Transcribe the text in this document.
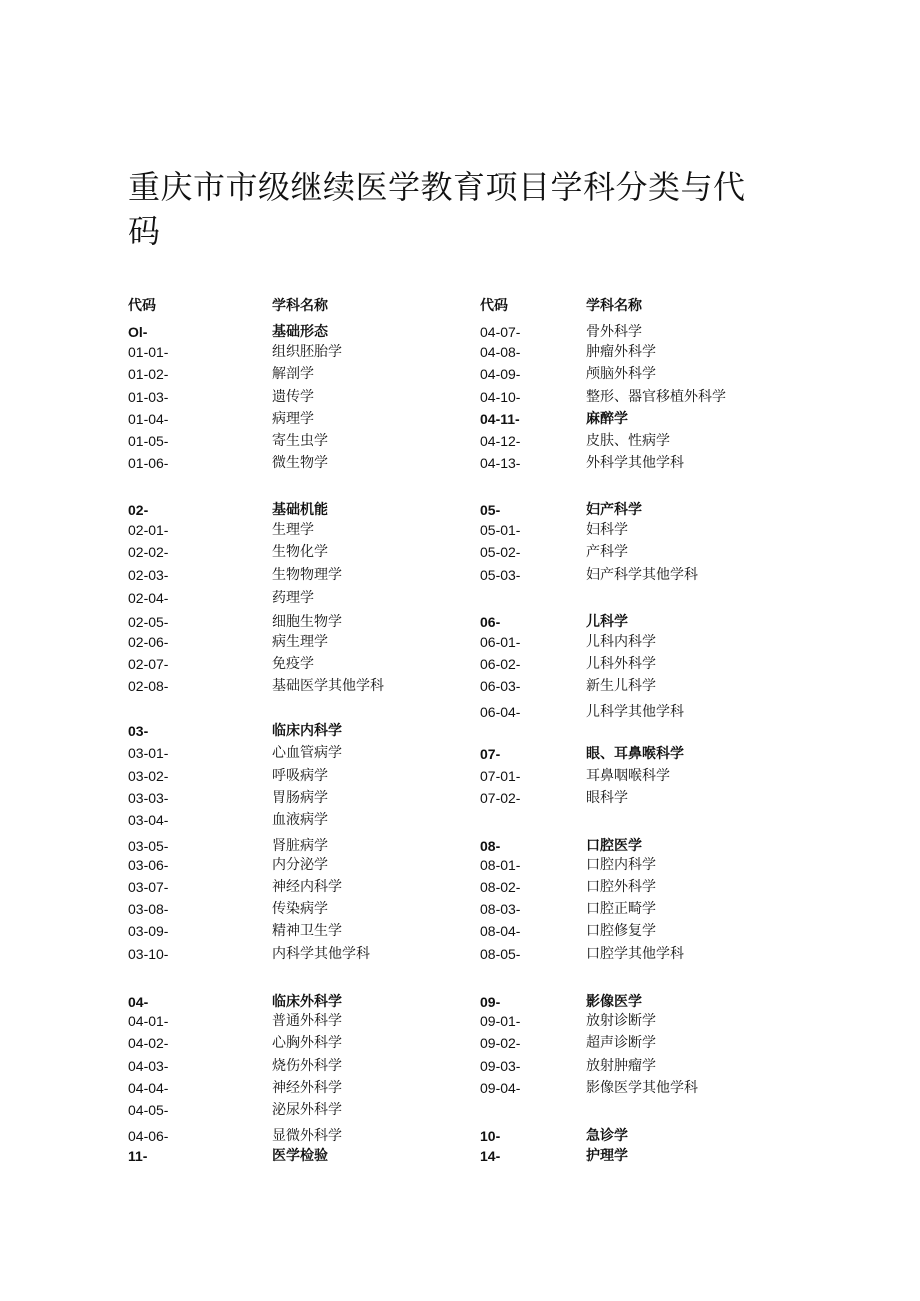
重庆市市级继续医学教育项目学科分类与代码
代码	学科名称	代码	学科名称
Ol-	基础形态
01-01-	组织胚胎学
01-02-	解剖学
01-03-	遗传学
01-04-	病理学
01-05-	寄生虫学
01-06-	微生物学
02-	基础机能
02-01-	生理学
02-02-	生物化学
02-03-	生物物理学
02-04-	药理学
02-05-	细胞生物学
02-06-	病生理学
02-07-	免疫学
02-08-	基础医学其他学科
03-	临床内科学
03-01-	心血管病学
03-02-	呼吸病学
03-03-	胃肠病学
03-04-	血液病学
03-05-	肾脏病学
03-06-	内分泌学
03-07-	神经内科学
03-08-	传染病学
03-09-	精神卫生学
03-10-	内科学其他学科
04-	临床外科学
04-01-	普通外科学
04-02-	心胸外科学
04-03-	烧伤外科学
04-04-	神经外科学
04-05-	泌尿外科学
04-06-	显微外科学
11-	医学检验
04-07-	骨外科学
04-08-	肿瘤外科学
04-09-	颅脑外科学
04-10-	整形、器官移植外科学
04-11-	麻醉学
04-12-	皮肤、性病学
04-13-	外科学其他学科
05-	妇产科学
05-01-	妇科学
05-02-	产科学
05-03-	妇产科学其他学科
06-	儿科学
06-01-	儿科内科学
06-02-	儿科外科学
06-03-	新生儿科学
06-04-	儿科学其他学科
07-	眼、耳鼻喉科学
07-01-	耳鼻咽喉科学
07-02-	眼科学
08-	口腔医学
08-01-	口腔内科学
08-02-	口腔外科学
08-03-	口腔正畸学
08-04-	口腔修复学
08-05-	口腔学其他学科
09-	影像医学
09-01-	放射诊断学
09-02-	超声诊断学
09-03-	放射肿瘤学
09-04-	影像医学其他学科
10-	急诊学
14-	护理学
